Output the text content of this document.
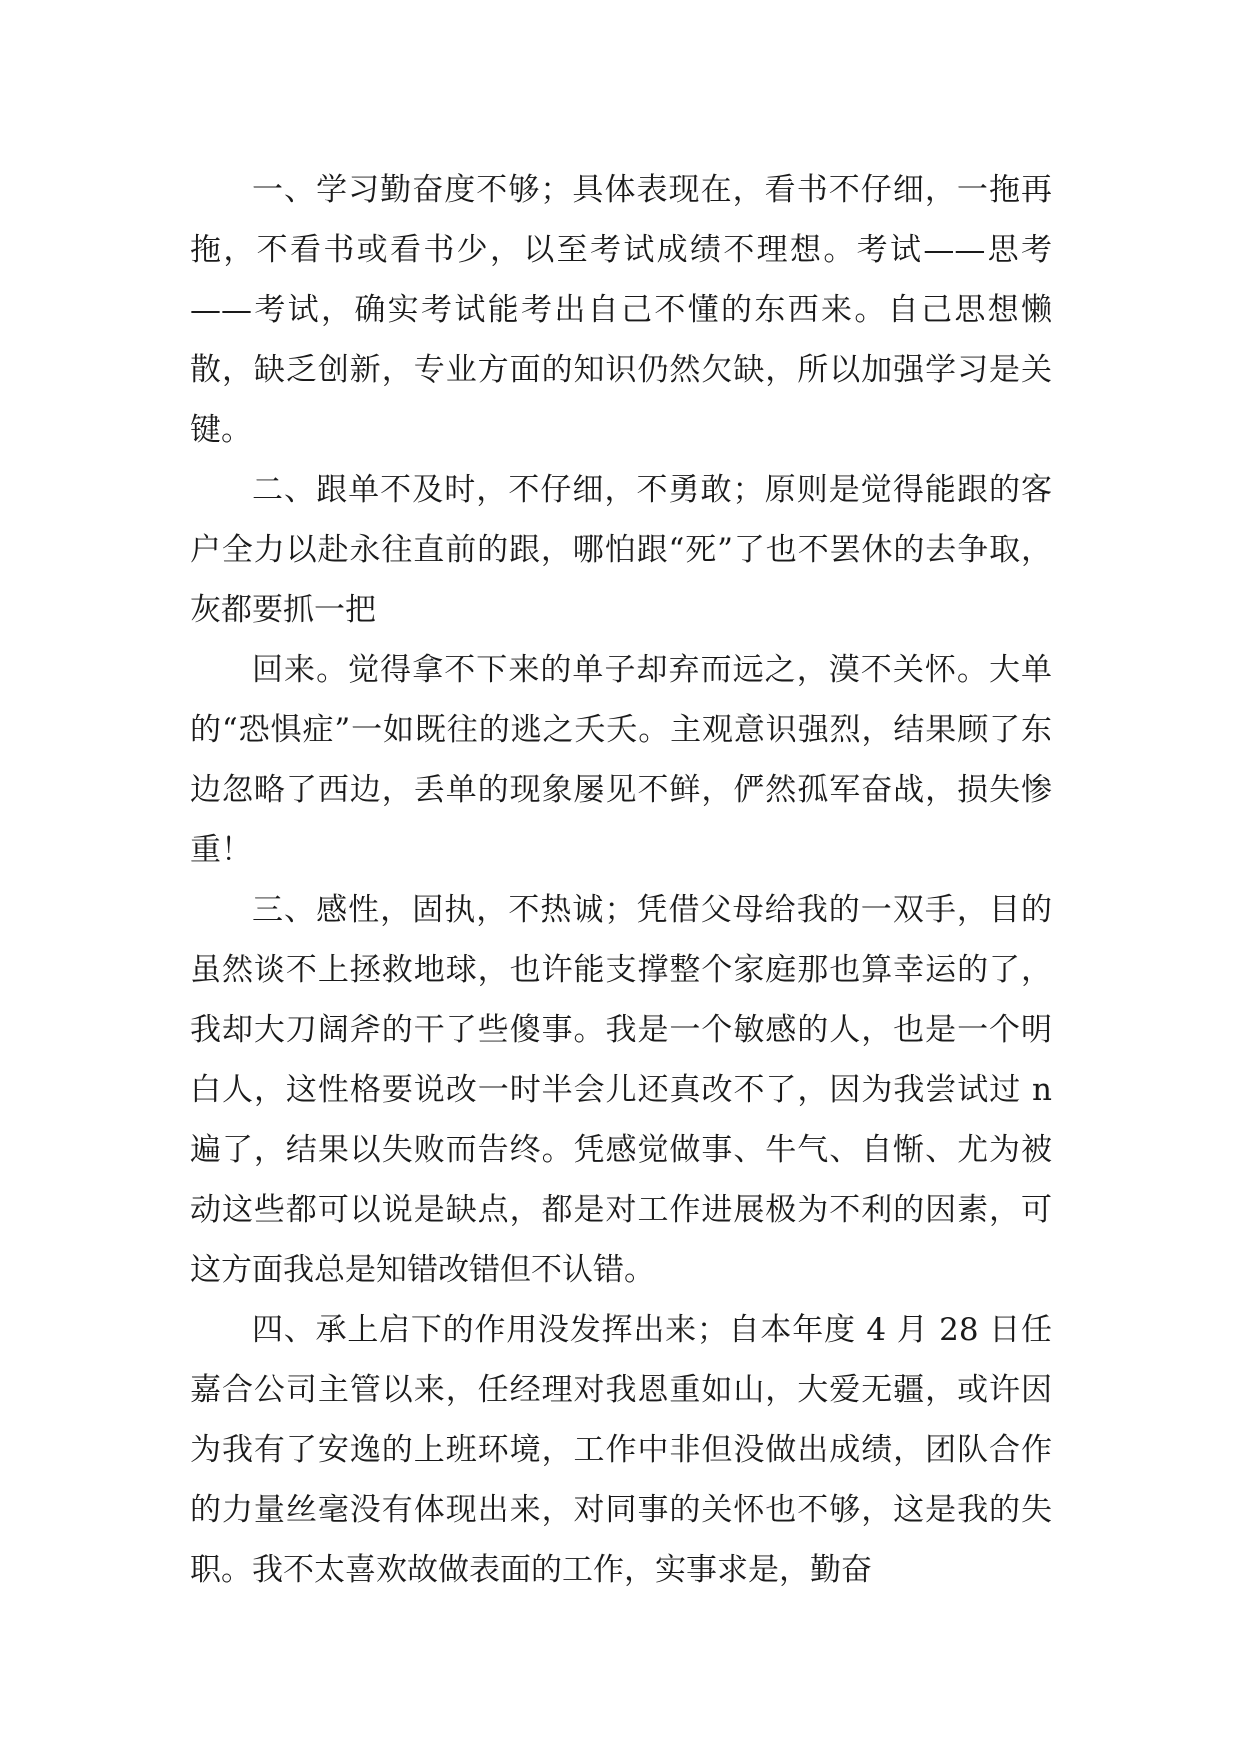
一、学习勤奋度不够；具体表现在，看书不仔细，一拖再拖，不看书或看书少，以至考试成绩不理想。考试——思考——考试，确实考试能考出自己不懂的东西来。自己思想懒散，缺乏创新，专业方面的知识仍然欠缺，所以加强学习是关键。

二、跟单不及时，不仔细，不勇敢；原则是觉得能跟的客户全力以赴永往直前的跟，哪怕跟“死”了也不罢休的去争取，灰都要抓一把

回来。觉得拿不下来的单子却弃而远之，漠不关怀。大单的“恐惧症”一如既往的逃之夭夭。主观意识强烈，结果顾了东边忽略了西边，丢单的现象屡见不鲜，俨然孤军奋战，损失惨重！

三、感性，固执，不热诚；凭借父母给我的一双手，目的虽然谈不上拯救地球，也许能支撑整个家庭那也算幸运的了，我却大刀阔斧的干了些傻事。我是一个敏感的人，也是一个明白人，这性格要说改一时半会儿还真改不了，因为我尝试过 n 遍了，结果以失败而告终。凭感觉做事、牛气、自惭、尤为被动这些都可以说是缺点，都是对工作进展极为不利的因素，可这方面我总是知错改错但不认错。

四、承上启下的作用没发挥出来；自本年度 4 月 28 日任嘉合公司主管以来，任经理对我恩重如山，大爱无疆，或许因为我有了安逸的上班环境，工作中非但没做出成绩，团队合作的力量丝毫没有体现出来，对同事的关怀也不够，这是我的失职。我不太喜欢故做表面的工作，实事求是，勤奋
